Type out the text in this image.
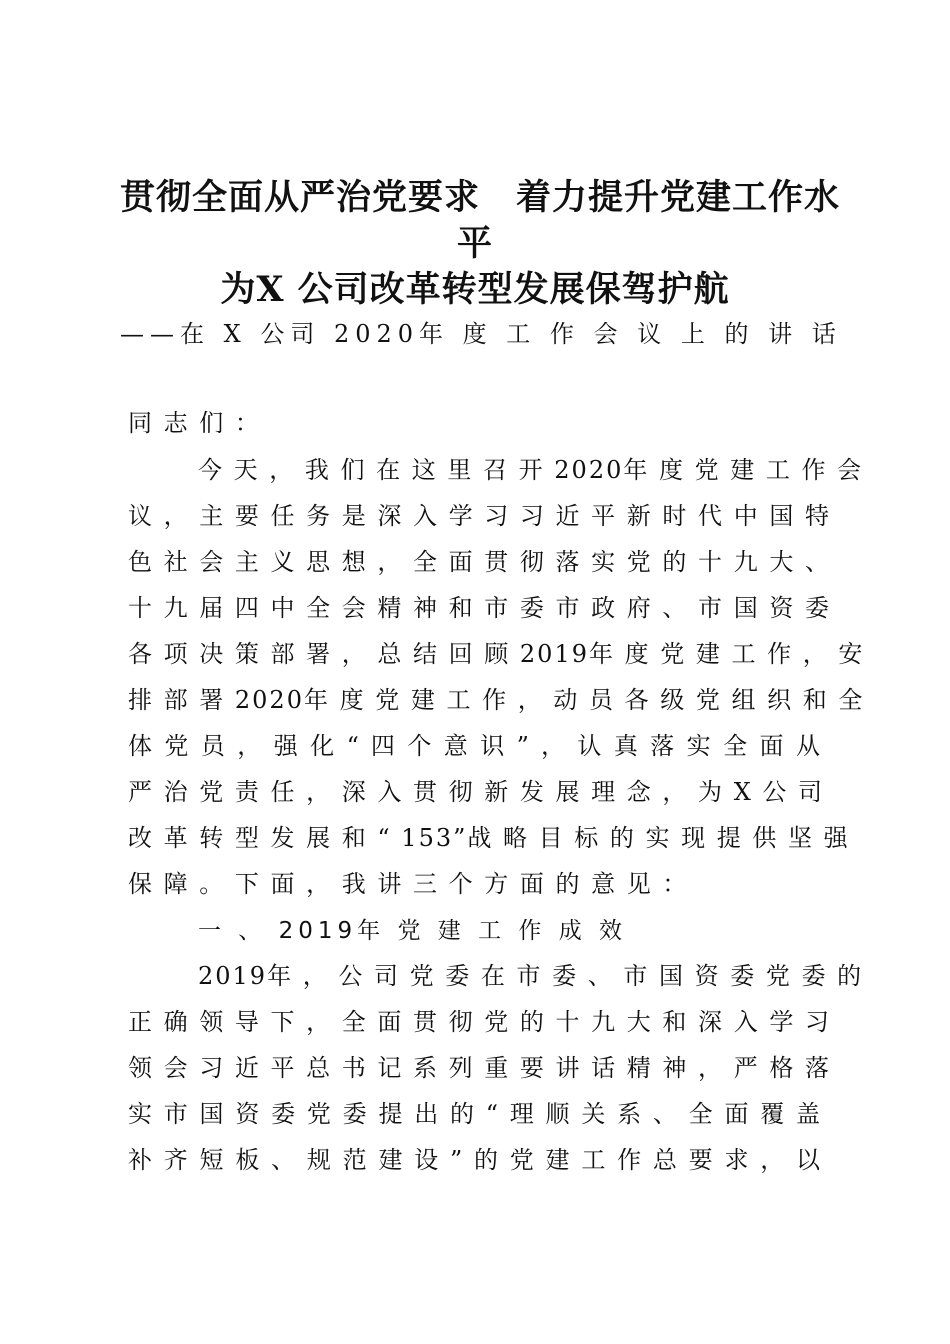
贯彻全面从严治党要求　着力提升党建工作水
平
为X 公司改革转型发展保驾护航
——在 X 公司 2020年 度 工 作 会 议 上 的 讲 话
同 志 们 ：
今 天 ， 我 们 在 这 里 召 开 2020年 度 党 建 工 作 会
议 ， 主 要 任 务 是 深 入 学 习 习 近 平 新 时 代 中 国 特
色 社 会 主 义 思 想 ， 全 面 贯 彻 落 实 党 的 十 九 大 、
十 九 届 四 中 全 会 精 神 和 市 委 市 政 府 、 市 国 资 委
各 项 决 策 部 署 ， 总 结 回 顾 2019年 度 党 建 工 作 ， 安
排 部 署 2020年 度 党 建 工 作 ， 动 员 各 级 党 组 织 和 全
体 党 员 ， 强 化 “ 四 个 意 识 ” ， 认 真 落 实 全 面 从
严 治 党 责 任 ， 深 入 贯 彻 新 发 展 理 念 ， 为 X 公 司
改 革 转 型 发 展 和 “ 153”战 略 目 标 的 实 现 提 供 坚 强
保 障 。 下 面 ， 我 讲 三 个 方 面 的 意 见 ：
一 、 2019年 党 建 工 作 成 效
2019年 ， 公 司 党 委 在 市 委 、 市 国 资 委 党 委 的
正 确 领 导 下 ， 全 面 贯 彻 党 的 十 九 大 和 深 入 学 习
领 会 习 近 平 总 书 记 系 列 重 要 讲 话 精 神 ， 严 格 落
实 市 国 资 委 党 委 提 出 的 “ 理 顺 关 系 、 全 面 覆 盖
补 齐 短 板 、 规 范 建 设 ” 的 党 建 工 作 总 要 求 ， 以
